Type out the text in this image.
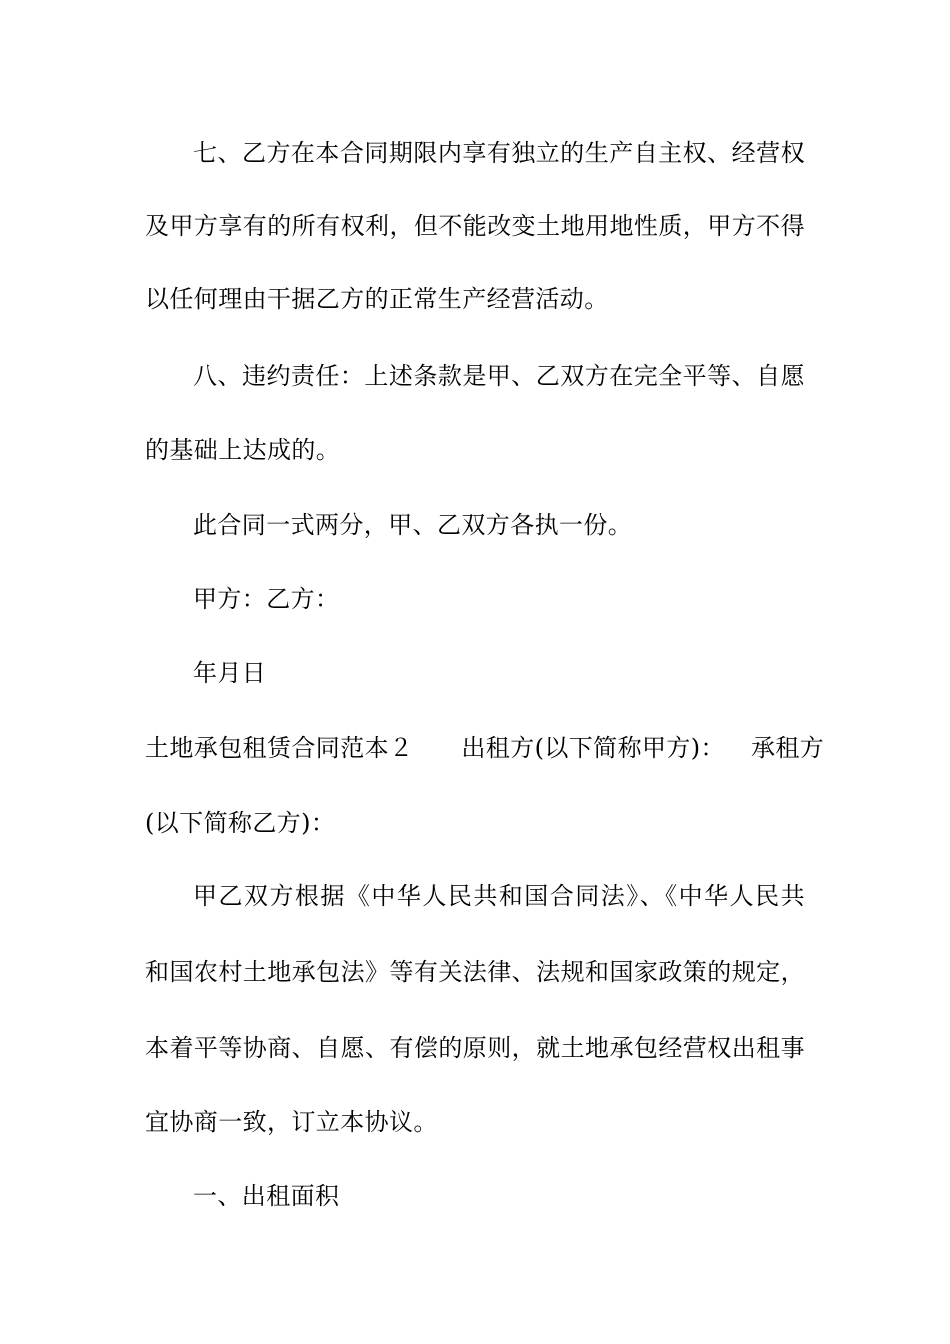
七、乙方在本合同期限内享有独立的生产自主权、经营权
及甲方享有的所有权利，但不能改变土地用地性质，甲方不得
以任何理由干据乙方的正常生产经营活动。
八、违约责任：上述条款是甲、乙双方在完全平等、自愿
的基础上达成的。
此合同一式两分，甲、乙双方各执一份。
甲方：乙方：
年月日
土地承包租赁合同范本２ 出租方(以下简称甲方)： 承租方
(以下简称乙方)：
甲乙双方根据《中华人民共和国合同法》、《中华人民共
和国农村土地承包法》等有关法律、法规和国家政策的规定，
本着平等协商、自愿、有偿的原则，就土地承包经营权出租事
宜协商一致，订立本协议。
一、出租面积
